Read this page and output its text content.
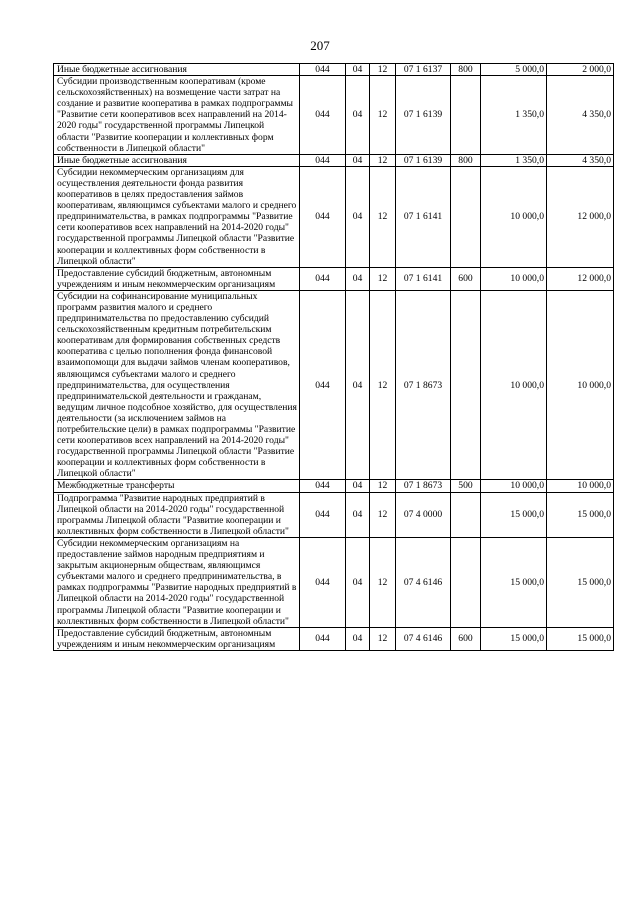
207
Иные бюджетные ассигнования	044	04	12	07 1 6137	800	5 000,0	2 000,0
Субсидии производственным кооперативам (кроме сельскохозяйственных) на возмещение части затрат на создание и развитие кооператива в рамках подпрограммы "Развитие сети кооперативов всех направлений на 2014-2020 годы" государственной программы Липецкой области "Развитие кооперации и коллективных форм собственности в Липецкой области"	044	04	12	07 1 6139		1 350,0	4 350,0
Иные бюджетные ассигнования	044	04	12	07 1 6139	800	1 350,0	4 350,0
Субсидии некоммерческим организациям для осуществления деятельности фонда развития кооперативов в целях предоставления займов кооперативам, являющимся субъектами малого и среднего предпринимательства, в рамках подпрограммы "Развитие сети кооперативов всех направлений на 2014-2020 годы" государственной программы Липецкой области "Развитие кооперации и коллективных форм собственности в Липецкой области"	044	04	12	07 1 6141		10 000,0	12 000,0
Предоставление субсидий бюджетным, автономным учреждениям и иным некоммерческим организациям	044	04	12	07 1 6141	600	10 000,0	12 000,0
Субсидии на софинансирование муниципальных программ развития малого и среднего предпринимательства по предоставлению субсидий сельскохозяйственным кредитным потребительским кооперативам для формирования собственных средств кооператива с целью пополнения фонда финансовой взаимопомощи для выдачи займов членам кооперативов, являющимся субъектами малого и среднего предпринимательства, для осуществления предпринимательской деятельности и гражданам, ведущим личное подсобное хозяйство, для осуществления деятельности (за исключением займов на потребительские цели) в рамках подпрограммы "Развитие сети кооперативов всех направлений на 2014-2020 годы" государственной программы Липецкой области "Развитие кооперации и коллективных форм собственности в Липецкой области"	044	04	12	07 1 8673		10 000,0	10 000,0
Межбюджетные трансферты	044	04	12	07 1 8673	500	10 000,0	10 000,0
Подпрограмма "Развитие народных предприятий в Липецкой области на 2014-2020 годы" государственной программы Липецкой области "Развитие кооперации и коллективных форм собственности в Липецкой области"	044	04	12	07 4 0000		15 000,0	15 000,0
Субсидии некоммерческим организациям на предоставление займов народным предприятиям и закрытым акционерным обществам, являющимся субъектами малого и среднего предпринимательства, в рамках подпрограммы "Развитие народных предприятий в Липецкой области на 2014-2020 годы" государственной программы Липецкой области "Развитие кооперации и коллективных форм собственности в Липецкой области"	044	04	12	07 4 6146		15 000,0	15 000,0
Предоставление субсидий бюджетным, автономным учреждениям и иным некоммерческим организациям	044	04	12	07 4 6146	600	15 000,0	15 000,0
